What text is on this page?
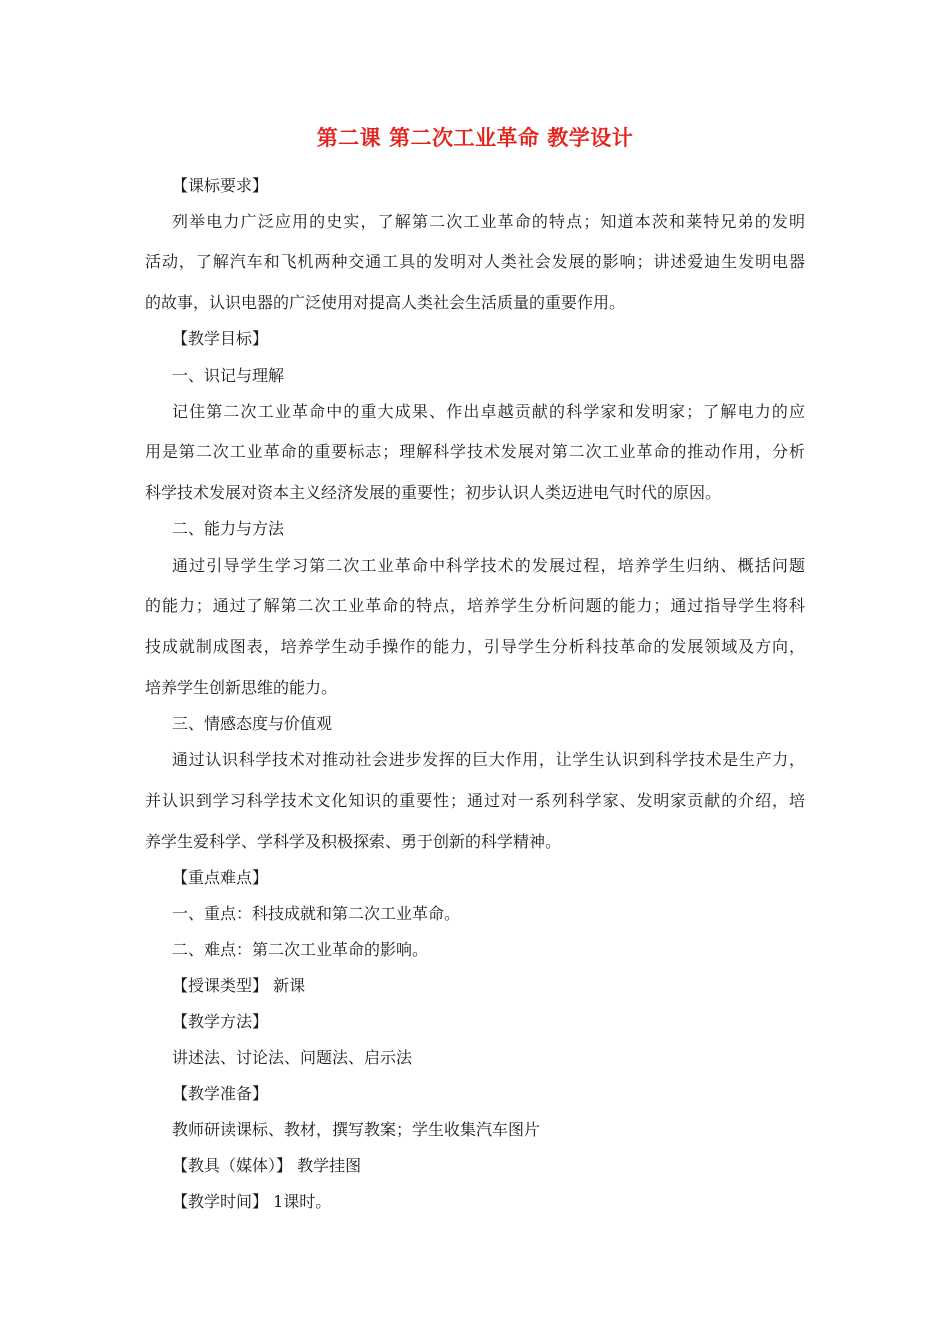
第二课 第二次工业革命 教学设计
【课标要求】
列举电力广泛应用的史实，了解第二次工业革命的特点；知道本茨和莱特兄弟的发明
活动，了解汽车和飞机两种交通工具的发明对人类社会发展的影响；讲述爱迪生发明电器
的故事，认识电器的广泛使用对提高人类社会生活质量的重要作用。
【教学目标】
一、识记与理解
记住第二次工业革命中的重大成果、作出卓越贡献的科学家和发明家；了解电力的应
用是第二次工业革命的重要标志；理解科学技术发展对第二次工业革命的推动作用，分析
科学技术发展对资本主义经济发展的重要性；初步认识人类迈进电气时代的原因。
二、能力与方法
通过引导学生学习第二次工业革命中科学技术的发展过程，培养学生归纳、概括问题
的能力；通过了解第二次工业革命的特点，培养学生分析问题的能力；通过指导学生将科
技成就制成图表，培养学生动手操作的能力，引导学生分析科技革命的发展领域及方向，
培养学生创新思维的能力。
三、情感态度与价值观
通过认识科学技术对推动社会进步发挥的巨大作用，让学生认识到科学技术是生产力，
并认识到学习科学技术文化知识的重要性；通过对一系列科学家、发明家贡献的介绍，培
养学生爱科学、学科学及积极探索、勇于创新的科学精神。
【重点难点】
一、重点：科技成就和第二次工业革命。
二、难点：第二次工业革命的影响。
【授课类型】 新课
【教学方法】
讲述法、讨论法、问题法、启示法
【教学准备】
教师研读课标、教材，撰写教案；学生收集汽车图片
【教具（媒体）】 教学挂图
【教学时间】 1课时。
